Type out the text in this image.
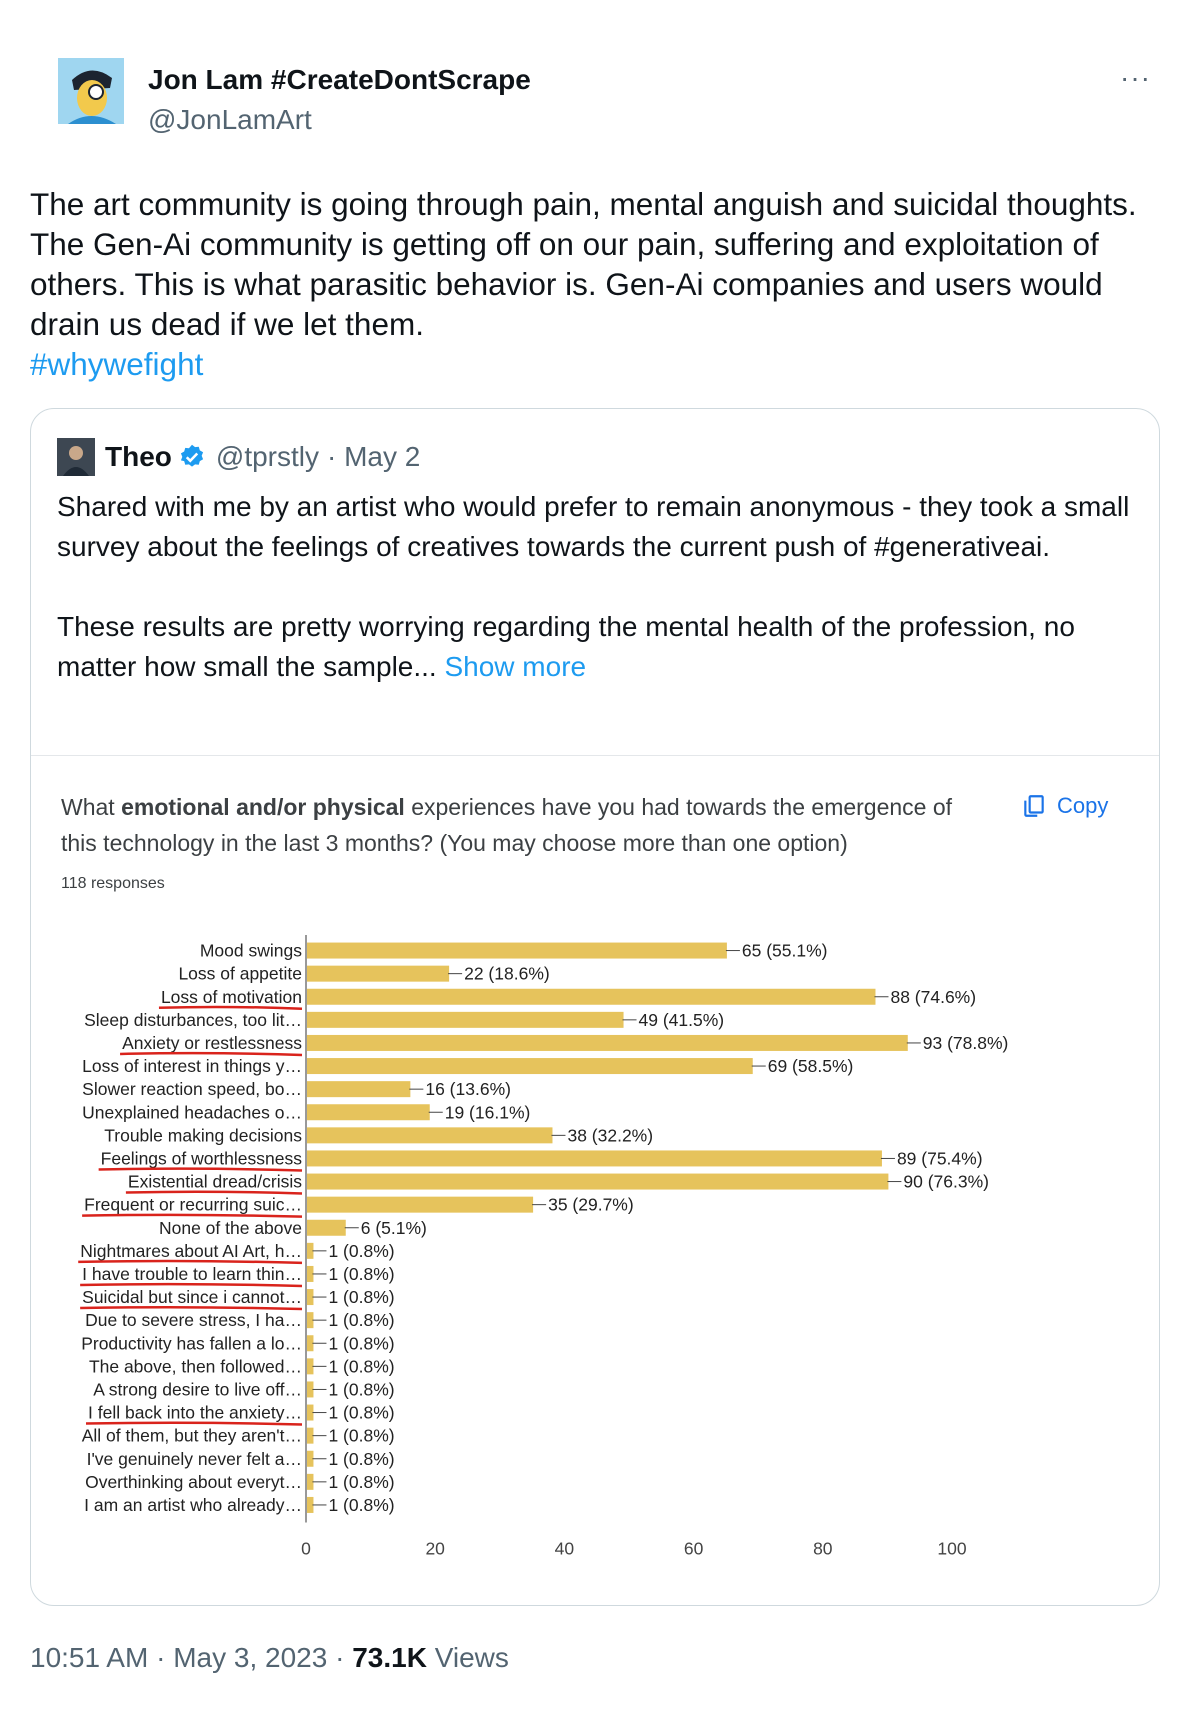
Jon Lam #CreateDontScrape
@JonLamArt
···
The art community is going through pain, mental anguish and suicidal thoughts. The Gen-Ai community is getting off on our pain, suffering and exploitation of others. This is what parasitic behavior is. Gen-Ai companies and users would drain us dead if we let them.
#whywefight
Theo @tprstly · May 2

Shared with me by an artist who would prefer to remain anonymous - they took a small survey about the feelings of creatives towards the current push of #generativeai.

These results are pretty worrying regarding the mental health of the profession, no matter how small the sample... Show more

What emotional and/or physical experiences have you had towards the emergence of this technology in the last 3 months? (You may choose more than one option)
Copy
118 responses
Mood swings	65 (55.1%)
Loss of appetite	22 (18.6%)
Loss of motivation	88 (74.6%)
Sleep disturbances, too lit…	49 (41.5%)
Anxiety or restlessness	93 (78.8%)
Loss of interest in things y…	69 (58.5%)
Slower reaction speed, bo…	16 (13.6%)
Unexplained headaches o…	19 (16.1%)
Trouble making decisions	38 (32.2%)
Feelings of worthlessness	89 (75.4%)
Existential dread/crisis	90 (76.3%)
Frequent or recurring suic…	35 (29.7%)
None of the above	6 (5.1%)
Nightmares about AI Art, h… 1 (0.8%)
I have trouble to learn thin… 1 (0.8%)
Suicidal but since i cannot… 1 (0.8%)
Due to severe stress, I ha… 1 (0.8%)
Productivity has fallen a lo… 1 (0.8%)
The above, then followed… 1 (0.8%)
A strong desire to live off… 1 (0.8%)
I fell back into the anxiety… 1 (0.8%)
All of them, but they aren't… 1 (0.8%)
I've genuinely never felt a… 1 (0.8%)
Overthinking about everyt… 1 (0.8%)
I am an artist who already… 1 (0.8%)
0	20	40	60	80	100
10:51 AM · May 3, 2023 · 73.1K Views
